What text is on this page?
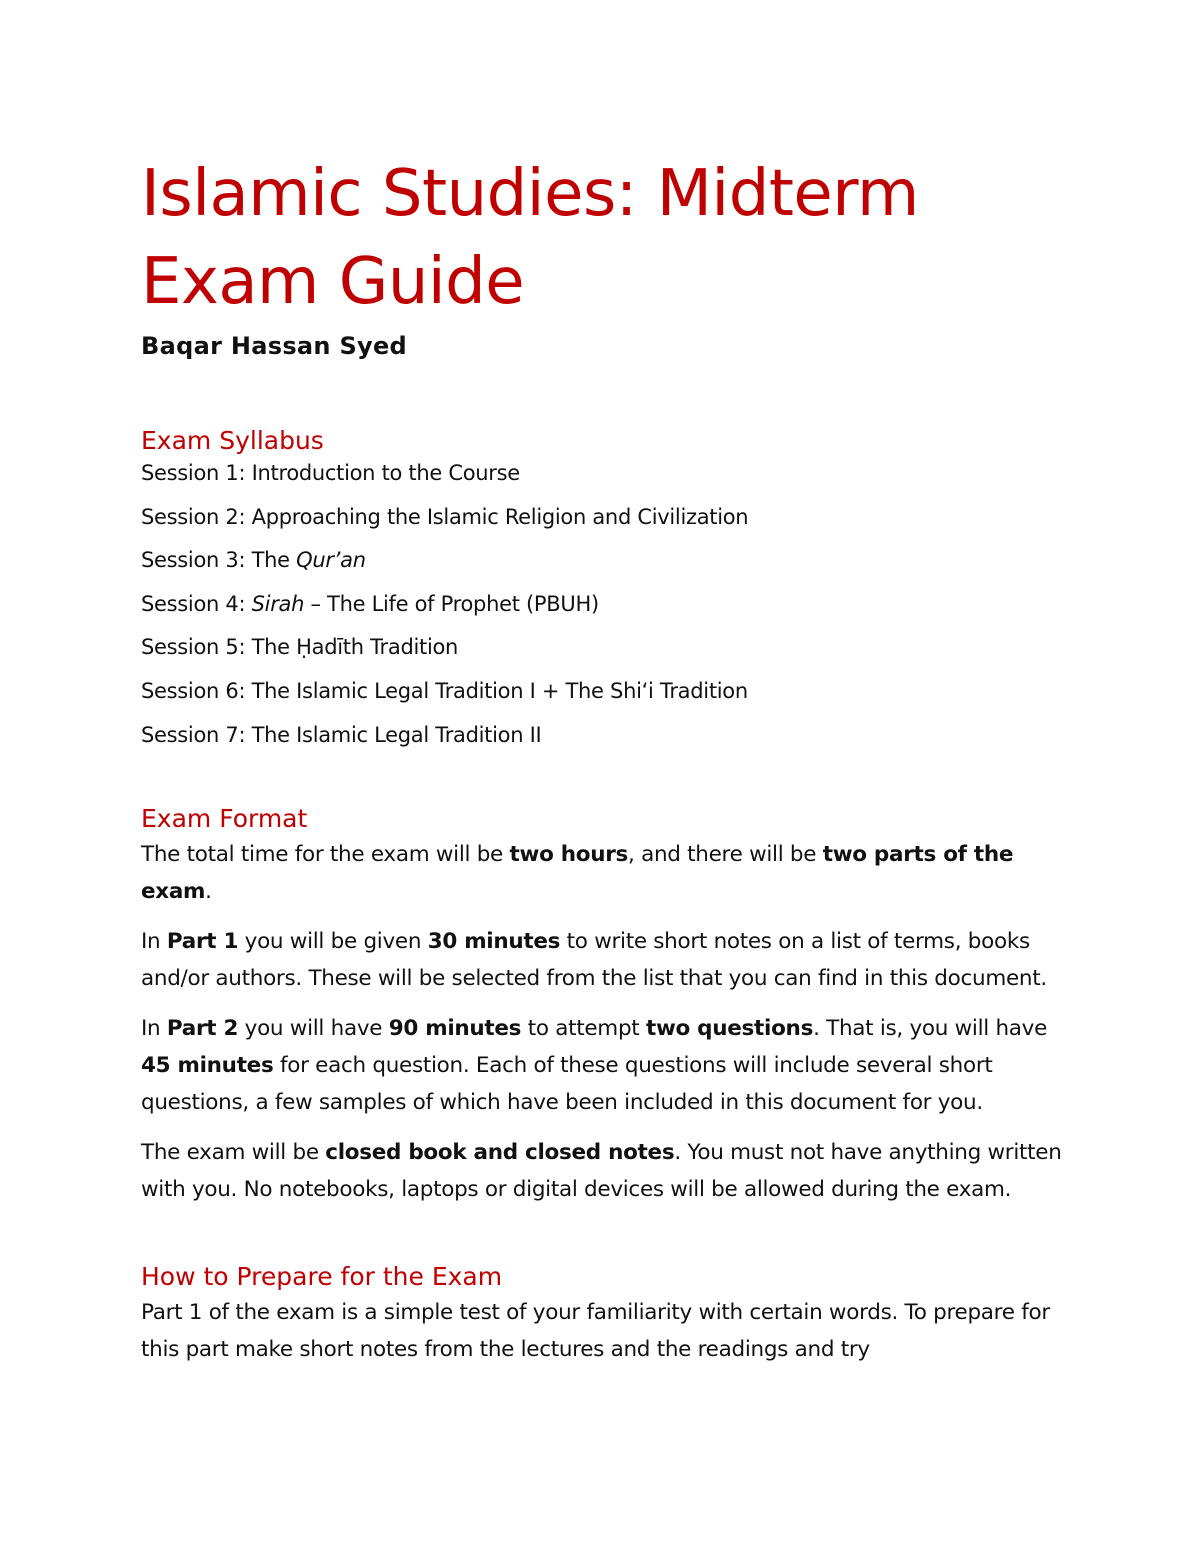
Islamic Studies: Midterm Exam Guide

Baqar Hassan Syed

Exam Syllabus

Session 1: Introduction to the Course

Session 2: Approaching the Islamic Religion and Civilization

Session 3: The Qur’an

Session 4: Sirah – The Life of Prophet (PBUH)

Session 5: The Ḥadīth Tradition

Session 6: The Islamic Legal Tradition I + The Shiʻi Tradition

Session 7: The Islamic Legal Tradition II

Exam Format

The total time for the exam will be two hours, and there will be two parts of the exam.

In Part 1 you will be given 30 minutes to write short notes on a list of terms, books and/or authors. These will be selected from the list that you can find in this document.

In Part 2 you will have 90 minutes to attempt two questions. That is, you will have 45 minutes for each question. Each of these questions will include several short questions, a few samples of which have been included in this document for you.

The exam will be closed book and closed notes. You must not have anything written with you. No notebooks, laptops or digital devices will be allowed during the exam.

How to Prepare for the Exam

Part 1 of the exam is a simple test of your familiarity with certain words. To prepare for this part make short notes from the lectures and the readings and try
